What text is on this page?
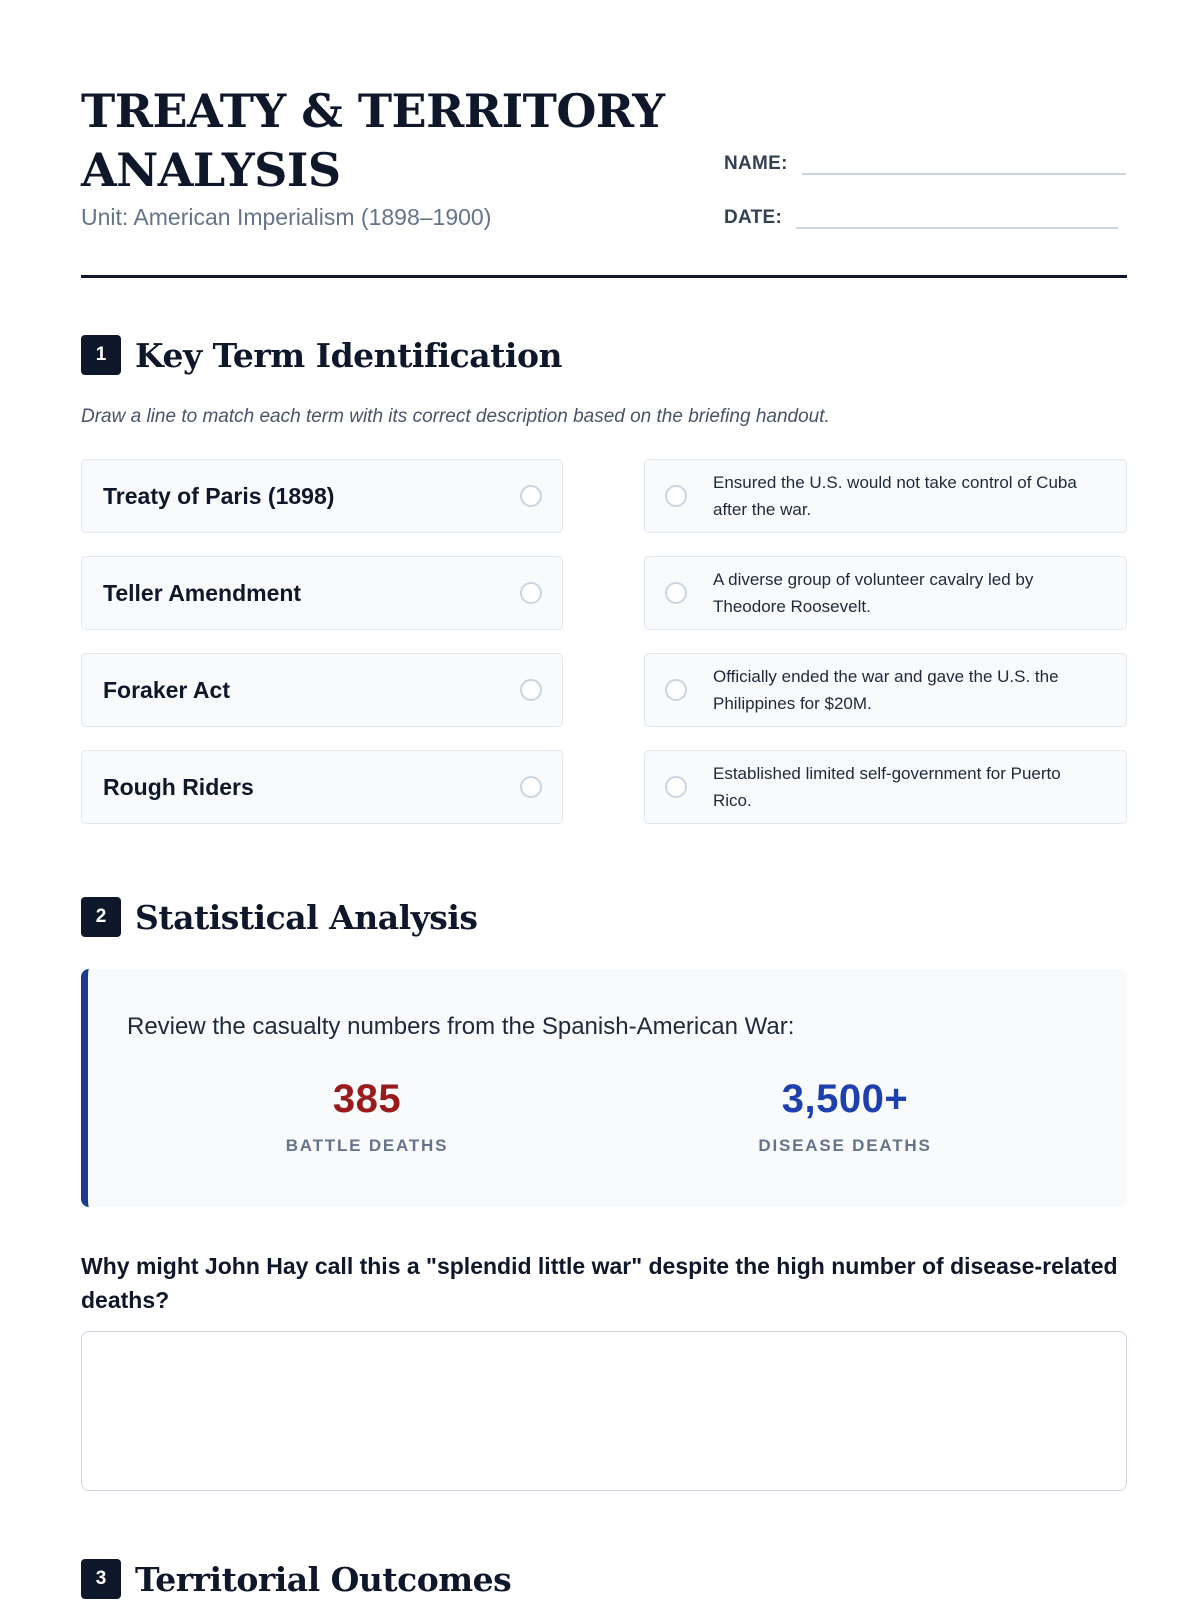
TREATY & TERRITORY
ANALYSIS
Unit: American Imperialism (1898–1900)
NAME:
DATE:
1 Key Term Identification
Draw a line to match each term with its correct description based on the briefing handout.
Treaty of Paris (1898)
Teller Amendment
Foraker Act
Rough Riders
Ensured the U.S. would not take control of Cuba after the war.
A diverse group of volunteer cavalry led by Theodore Roosevelt.
Officially ended the war and gave the U.S. the Philippines for $20M.
Established limited self-government for Puerto Rico.
2 Statistical Analysis
Review the casualty numbers from the Spanish-American War:
385
BATTLE DEATHS
3,500+
DISEASE DEATHS
Why might John Hay call this a "splendid little war" despite the high number of disease-related deaths?
3 Territorial Outcomes
